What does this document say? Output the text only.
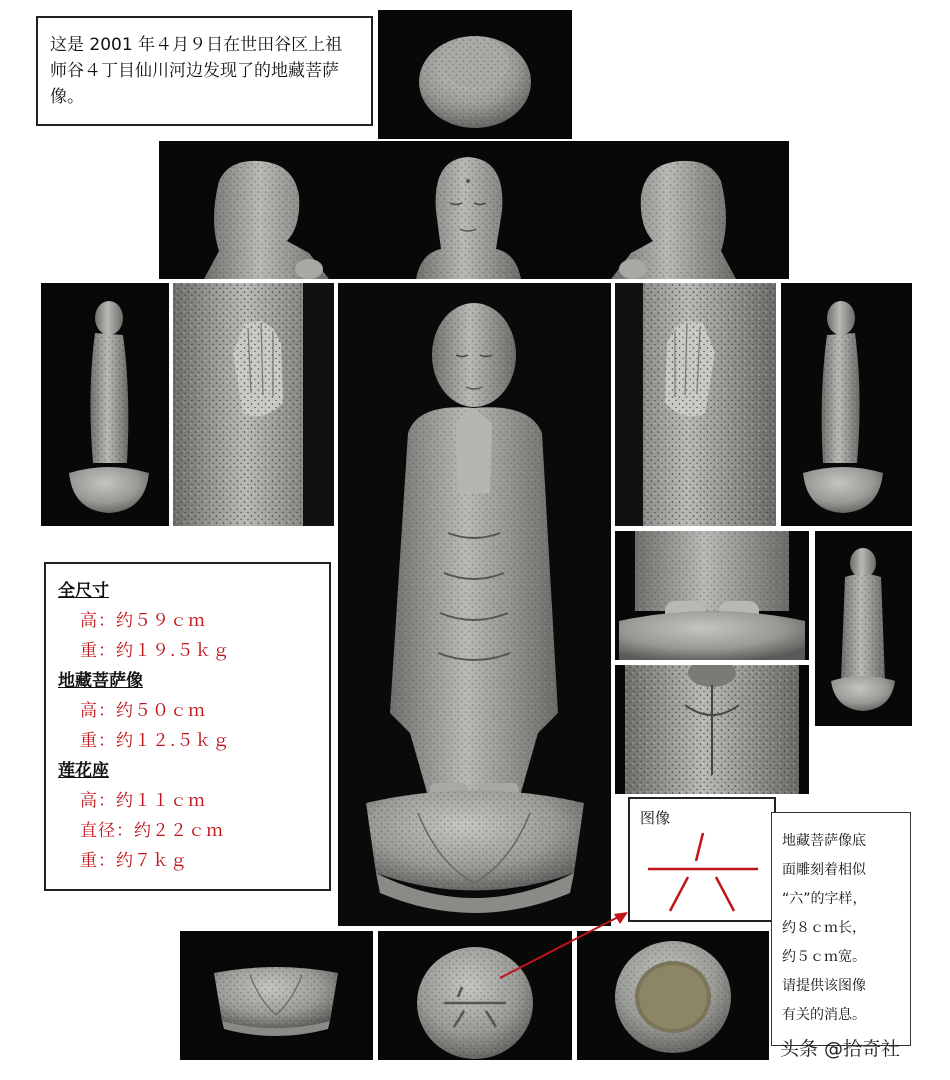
这是 2001 年４月９日在世田谷区上祖师谷４丁目仙川河边发现了的地藏菩萨像。
全尺寸
高：约５９ｃｍ
重：约１９.５ｋｇ
地藏菩萨像
高：约５０ｃｍ
重：约１２.５ｋｇ
莲花座
高：约１１ｃｍ
直径：约２２ｃｍ
重：约７ｋｇ
图像
地藏菩萨像底
面雕刻着相似
“六”的字样，
约８ｃｍ长，
约５ｃｍ宽。
请提供该图像
有关的消息。
头条 @拾奇社
